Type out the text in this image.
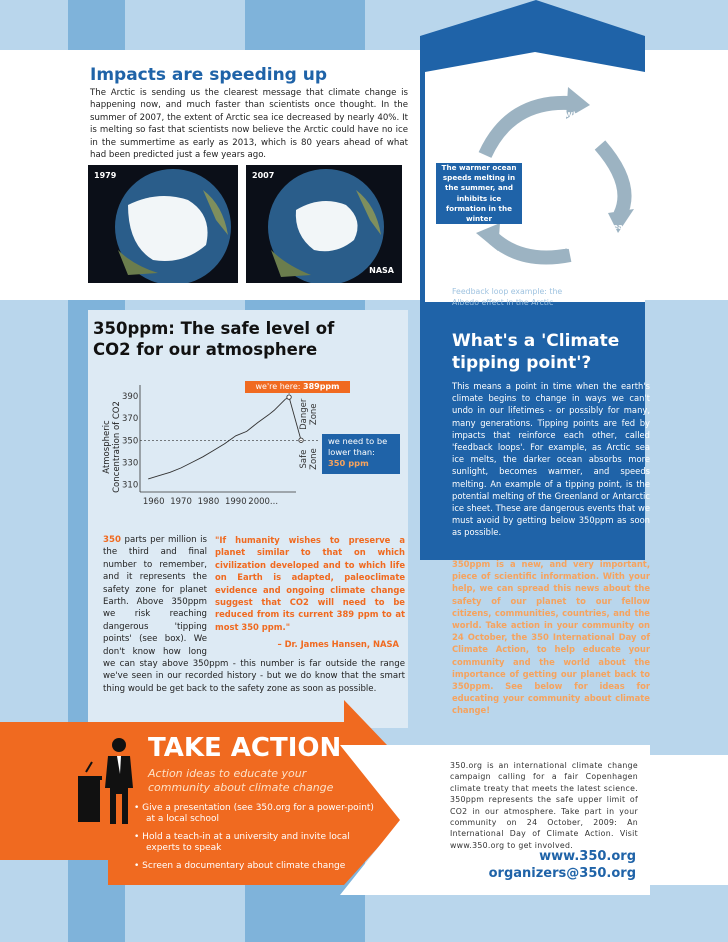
Impacts are speeding up

The Arctic is sending us the clearest message that climate change is happening now, and much faster than scientists once thought. In the summer of 2007, the extent of Arctic sea ice decreased by nearly 40%. It is melting so fast that scientists now believe the Arctic could have no ice in the summertime as early as 2013, which is 80 years ahead of what had been predicted just a few years ago.

1979	2007
NASA
White sea-ice melts
More dark ocean surface absorbs heat rather than reflects it
The warmer ocean speeds melting in the summer, and inhibits ice formation in the winter
Feedback loop example: the
Albedo effect in the Arctic
350ppm: The safe level of
CO2 for our atmosphere
Atmospheric Concentration of CO2
390
370
350
330
310
1960 1970 1980 1990 2000...
DangerZone
SafeZone
we're here: 389ppm
we need to be
lower than:
350 ppm

"If humanity wishes to preserve a planet similar to that on which civilization developed and to which life on Earth is adapted, paleoclimate evidence and ongoing climate change suggest that CO2 will need to be reduced from its current 389 ppm to at most 350 ppm."
– Dr. James Hansen, NASA
350 parts per million is the third and final number to remember, and it represents the safety zone for planet Earth. Above 350ppm we risk reaching dangerous 'tipping points' (see box). We don't know how long we can stay above 350ppm - this number is far outside the range we've seen in our recorded history - but we do know that the smart thing would be get back to the safety zone as soon as possible.

What's a 'Climate
tipping point'?

This means a point in time when the earth's climate begins to change in ways we can't undo in our lifetimes - or possibly for many, many generations. Tipping points are fed by impacts that reinforce each other, called 'feedback loops'. For example, as Arctic sea ice melts, the darker ocean absorbs more sunlight, becomes warmer, and speeds melting. An example of a tipping point, is the potential melting of the Greenland or Antarctic ice sheet. These are dangerous events that we must avoid by getting below 350ppm as soon as possible.

350ppm is a new, and very important, piece of scientific information. With your help, we can spread this news about the safety of our planet to our fellow citizens, communities, countries, and the world. Take action in your community on 24 October, the 350 International Day of Climate Action, to help educate your community and the world about the importance of getting our planet back to 350ppm. See below for ideas for educating your community about climate change!

TAKE ACTION
Action ideas to educate your
community about climate change
• Give a presentation (see 350.org for a power-point) at a local school
• Hold a teach-in at a university and invite local experts to speak
• Screen a documentary about climate change

350.org is an international climate change campaign calling for a fair Copenhagen climate treaty that meets the latest science. 350ppm represents the safe upper limit of CO2 in our atmosphere. Take part in your community on 24 October, 2009: An International Day of Climate Action. Visit www.350.org to get involved.

www.350.org
organizers@350.org
